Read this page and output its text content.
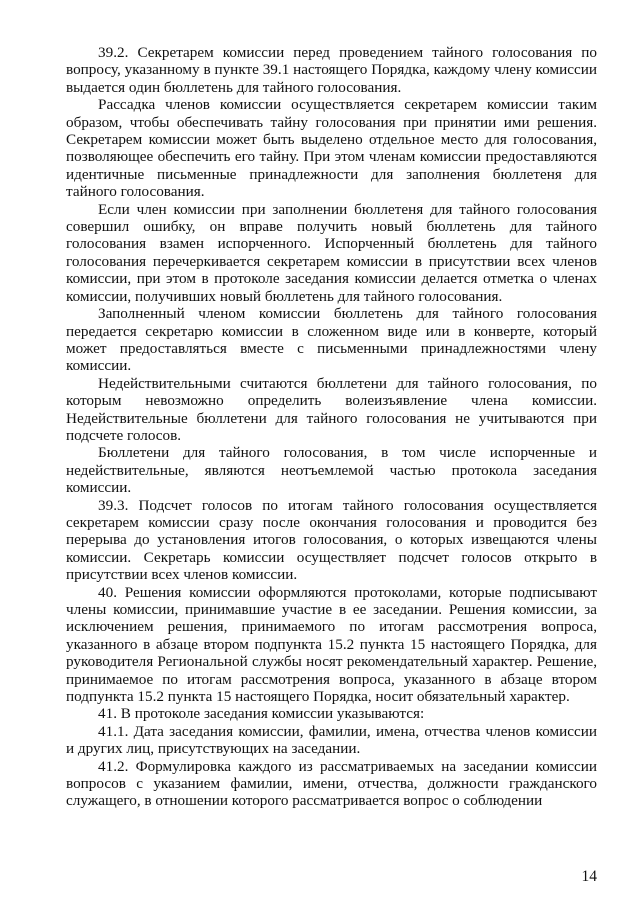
39.2. Секретарем комиссии перед проведением тайного голосования по вопросу, указанному в пункте 39.1 настоящего Порядка, каждому члену комиссии выдается один бюллетень для тайного голосования.

Рассадка членов комиссии осуществляется секретарем комиссии таким образом, чтобы обеспечивать тайну голосования при принятии ими решения. Секретарем комиссии может быть выделено отдельное место для голосования, позволяющее обеспечить его тайну. При этом членам комиссии предоставляются идентичные письменные принадлежности для заполнения бюллетеня для тайного голосования.

Если член комиссии при заполнении бюллетеня для тайного голосования совершил ошибку, он вправе получить новый бюллетень для тайного голосования взамен испорченного. Испорченный бюллетень для тайного голосования перечеркивается секретарем комиссии в присутствии всех членов комиссии, при этом в протоколе заседания комиссии делается отметка о членах комиссии, получивших новый бюллетень для тайного голосования.

Заполненный членом комиссии бюллетень для тайного голосования передается секретарю комиссии в сложенном виде или в конверте, который может предоставляться вместе с письменными принадлежностями члену комиссии.

Недействительными считаются бюллетени для тайного голосования, по которым невозможно определить волеизъявление члена комиссии. Недействительные бюллетени для тайного голосования не учитываются при подсчете голосов.

Бюллетени для тайного голосования, в том числе испорченные и недействительные, являются неотъемлемой частью протокола заседания комиссии.

39.3. Подсчет голосов по итогам тайного голосования осуществляется секретарем комиссии сразу после окончания голосования и проводится без перерыва до установления итогов голосования, о которых извещаются члены комиссии. Секретарь комиссии осуществляет подсчет голосов открыто в присутствии всех членов комиссии.

40. Решения комиссии оформляются протоколами, которые подписывают члены комиссии, принимавшие участие в ее заседании. Решения комиссии, за исключением решения, принимаемого по итогам рассмотрения вопроса, указанного в абзаце втором подпункта 15.2 пункта 15 настоящего Порядка, для руководителя Региональной службы носят рекомендательный характер. Решение, принимаемое по итогам рассмотрения вопроса, указанного в абзаце втором подпункта 15.2 пункта 15 настоящего Порядка, носит обязательный характер.

41. В протоколе заседания комиссии указываются:

41.1. Дата заседания комиссии, фамилии, имена, отчества членов комиссии и других лиц, присутствующих на заседании.

41.2. Формулировка каждого из рассматриваемых на заседании комиссии вопросов с указанием фамилии, имени, отчества, должности гражданского служащего, в отношении которого рассматривается вопрос о соблюдении

14
